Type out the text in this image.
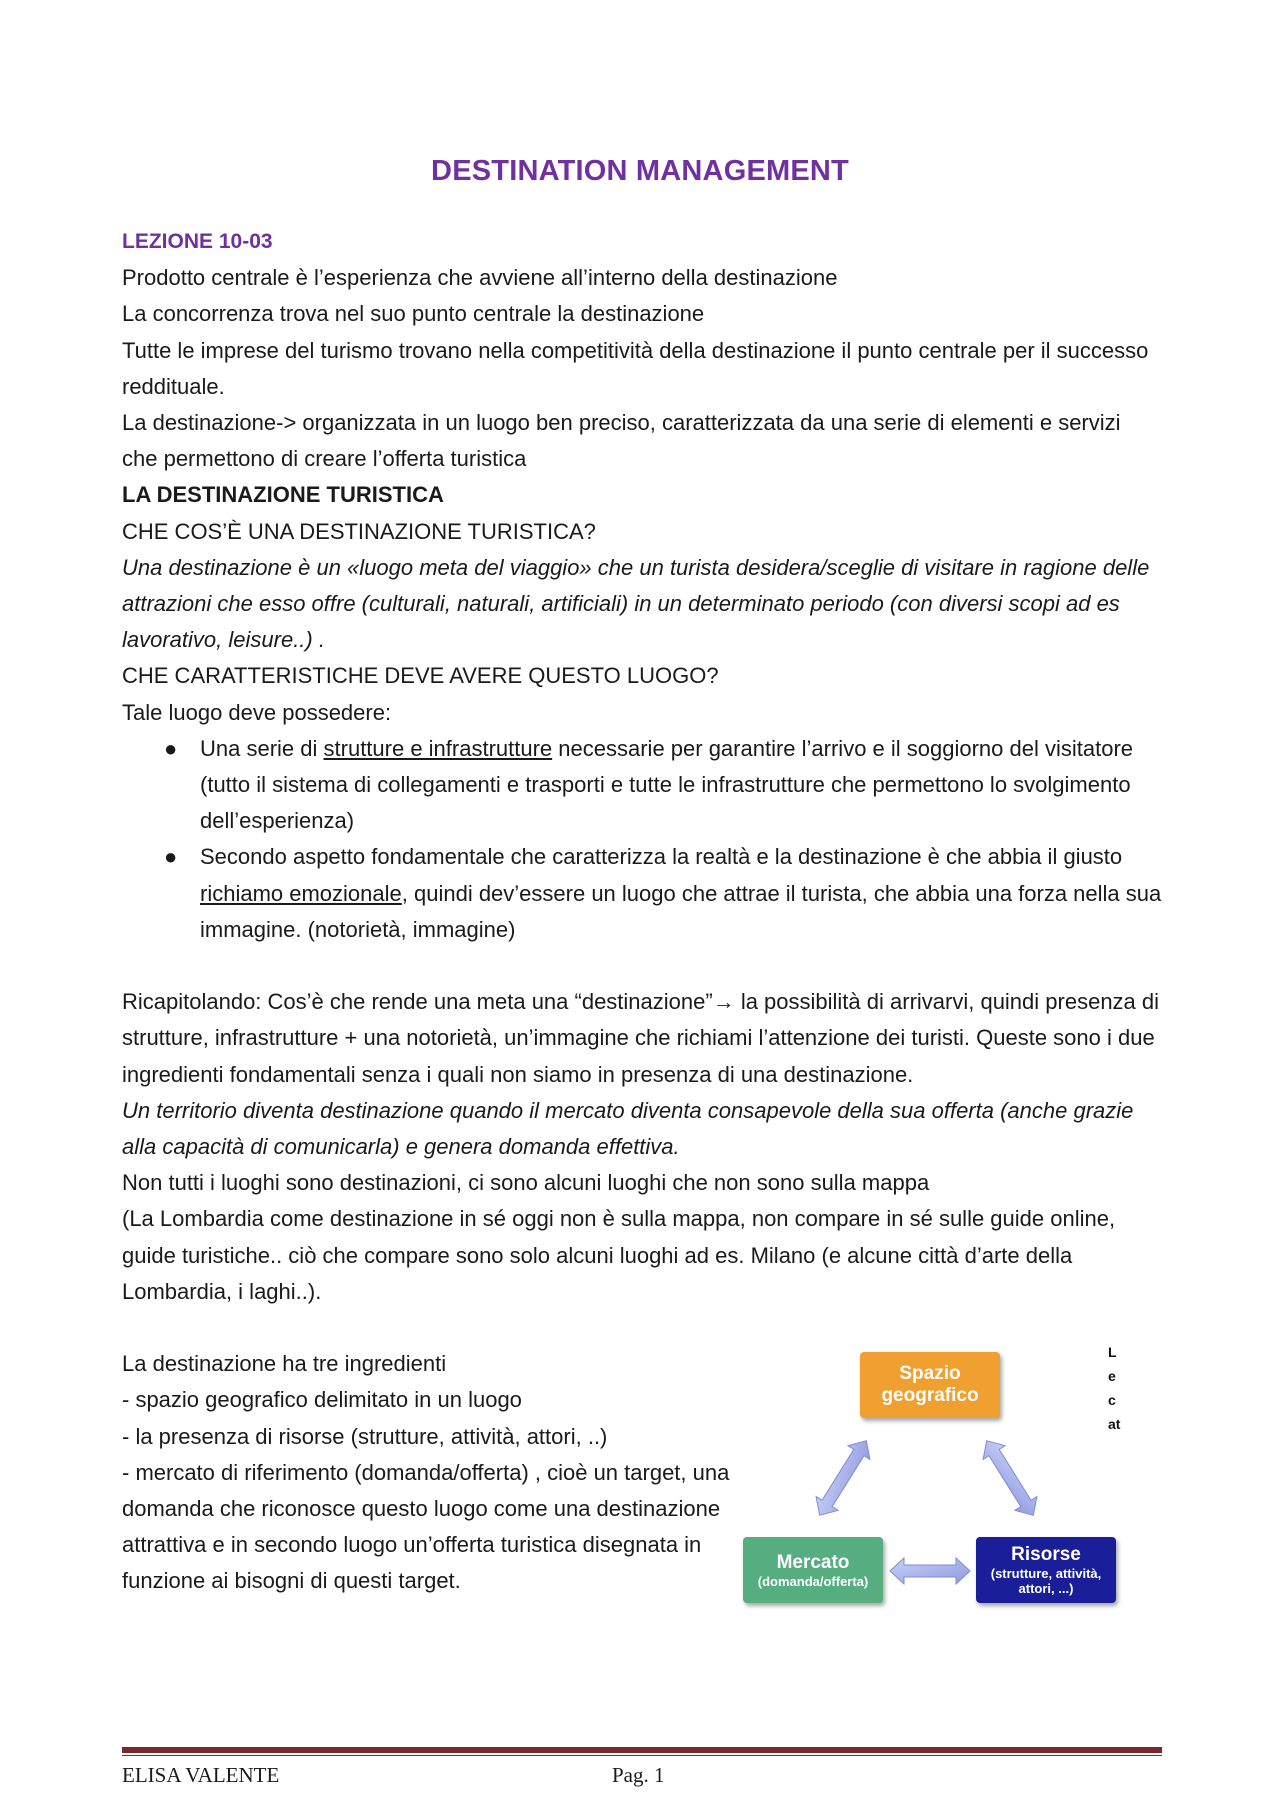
DESTINATION MANAGEMENT

LEZIONE 10-03

Prodotto centrale è l’esperienza che avviene all’interno della destinazione

La concorrenza trova nel suo punto centrale la destinazione

Tutte le imprese del turismo trovano nella competitività della destinazione il punto centrale per il successo reddituale.

La destinazione-> organizzata in un luogo ben preciso, caratterizzata da una serie di elementi e servizi che permettono di creare l’offerta turistica

LA DESTINAZIONE TURISTICA

CHE COS’È UNA DESTINAZIONE TURISTICA?

Una destinazione è un «luogo meta del viaggio» che un turista desidera/sceglie di visitare in ragione delle attrazioni che esso offre (culturali, naturali, artificiali) in un determinato periodo (con diversi scopi ad es lavorativo, leisure..) .

CHE CARATTERISTICHE DEVE AVERE QUESTO LUOGO?

Tale luogo deve possedere:

● Una serie di strutture e infrastrutture necessarie per garantire l’arrivo e il soggiorno del visitatore (tutto il sistema di collegamenti e trasporti e tutte le infrastrutture che permettono lo svolgimento dell’esperienza)
● Secondo aspetto fondamentale che caratterizza la realtà e la destinazione è che abbia il giusto richiamo emozionale, quindi dev’essere un luogo che attrae il turista, che abbia una forza nella sua immagine. (notorietà, immagine)

Ricapitolando: Cos’è che rende una meta una “destinazione”→ la possibilità di arrivarvi, quindi presenza di strutture, infrastrutture + una notorietà, un’immagine che richiami l’attenzione dei turisti. Queste sono i due ingredienti fondamentali senza i quali non siamo in presenza di una destinazione.

Un territorio diventa destinazione quando il mercato diventa consapevole della sua offerta (anche grazie alla capacità di comunicarla) e genera domanda effettiva.

Non tutti i luoghi sono destinazioni, ci sono alcuni luoghi che non sono sulla mappa

(La Lombardia come destinazione in sé oggi non è sulla mappa, non compare in sé sulle guide online, guide turistiche.. ciò che compare sono solo alcuni luoghi ad es. Milano (e alcune città d’arte della Lombardia, i laghi..).

La destinazione ha tre ingredienti

- spazio geografico delimitato in un luogo

- la presenza di risorse (strutture, attività, attori, ..)

- mercato di riferimento (domanda/offerta) , cioè un target, una domanda che riconosce questo luogo come una destinazione attrattiva e in secondo luogo un’offerta turistica disegnata in funzione ai bisogni di questi target.

Spazio
geografico
Mercato
(domanda/offerta)
Risorse
(strutture, attività,
attori, ...)
L
e
c
at
ELISA VALENTE	Pag. 1
